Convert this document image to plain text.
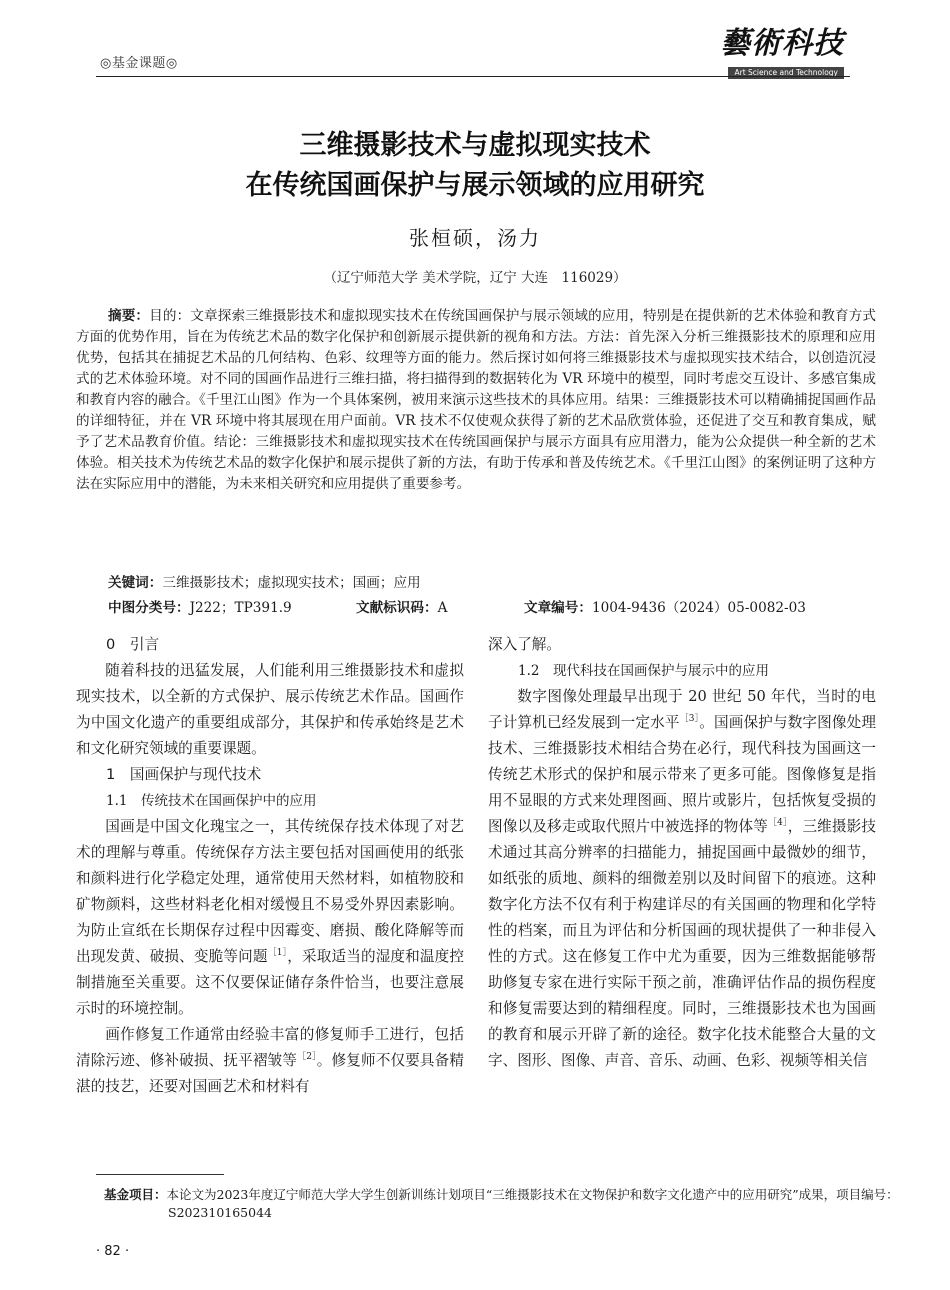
◎基金课题◎
藝術科技
Art Science and Technology
三维摄影技术与虚拟现实技术
在传统国画保护与展示领域的应用研究
张桓硕，汤力
（辽宁师范大学 美术学院，辽宁 大连　116029）
摘要：目的：文章探索三维摄影技术和虚拟现实技术在传统国画保护与展示领域的应用，特别是在提供新的艺术体验和教育方式方面的优势作用，旨在为传统艺术品的数字化保护和创新展示提供新的视角和方法。方法：首先深入分析三维摄影技术的原理和应用优势，包括其在捕捉艺术品的几何结构、色彩、纹理等方面的能力。然后探讨如何将三维摄影技术与虚拟现实技术结合，以创造沉浸式的艺术体验环境。对不同的国画作品进行三维扫描，将扫描得到的数据转化为 VR 环境中的模型，同时考虑交互设计、多感官集成和教育内容的融合。《千里江山图》作为一个具体案例，被用来演示这些技术的具体应用。结果：三维摄影技术可以精确捕捉国画作品的详细特征，并在 VR 环境中将其展现在用户面前。VR 技术不仅使观众获得了新的艺术品欣赏体验，还促进了交互和教育集成，赋予了艺术品教育价值。结论：三维摄影技术和虚拟现实技术在传统国画保护与展示方面具有应用潜力，能为公众提供一种全新的艺术体验。相关技术为传统艺术品的数字化保护和展示提供了新的方法，有助于传承和普及传统艺术。《千里江山图》的案例证明了这种方法在实际应用中的潜能，为未来相关研究和应用提供了重要参考。
关键词：三维摄影技术；虚拟现实技术；国画；应用
中图分类号：J222；TP391.9	文献标识码：A	文章编号：1004-9436（2024）05-0082-03

0　引言

随着科技的迅猛发展，人们能利用三维摄影技术和虚拟现实技术，以全新的方式保护、展示传统艺术作品。国画作为中国文化遗产的重要组成部分，其保护和传承始终是艺术和文化研究领域的重要课题。

1　国画保护与现代技术

1.1　传统技术在国画保护中的应用

国画是中国文化瑰宝之一，其传统保存技术体现了对艺术的理解与尊重。传统保存方法主要包括对国画使用的纸张和颜料进行化学稳定处理，通常使用天然材料，如植物胶和矿物颜料，这些材料老化相对缓慢且不易受外界因素影响。为防止宣纸在长期保存过程中因霉变、磨损、酸化降解等而出现发黄、破损、变脆等问题$^{[1]}$，采取适当的湿度和温度控制措施至关重要。这不仅要保证储存条件恰当，也要注意展示时的环境控制。

画作修复工作通常由经验丰富的修复师手工进行，包括清除污迹、修补破损、抚平褶皱等$^{[2]}$。修复师不仅要具备精湛的技艺，还要对国画艺术和材料有

深入了解。

1.2　现代科技在国画保护与展示中的应用

数字图像处理最早出现于 20 世纪 50 年代，当时的电子计算机已经发展到一定水平$^{[3]}$。国画保护与数字图像处理技术、三维摄影技术相结合势在必行，现代科技为国画这一传统艺术形式的保护和展示带来了更多可能。图像修复是指用不显眼的方式来处理图画、照片或影片，包括恢复受损的图像以及移走或取代照片中被选择的物体等$^{[4]}$，三维摄影技术通过其高分辨率的扫描能力，捕捉国画中最微妙的细节，如纸张的质地、颜料的细微差别以及时间留下的痕迹。这种数字化方法不仅有利于构建详尽的有关国画的物理和化学特性的档案，而且为评估和分析国画的现状提供了一种非侵入性的方式。这在修复工作中尤为重要，因为三维数据能够帮助修复专家在进行实际干预之前，准确评估作品的损伤程度和修复需要达到的精细程度。同时，三维摄影技术也为国画的教育和展示开辟了新的途径。数字化技术能整合大量的文字、图形、图像、声音、音乐、动画、色彩、视频等相关信

基金项目：本论文为2023年度辽宁师范大学大学生创新训练计划项目“三维摄影技术在文物保护和数字文化遗产中的应用研究”成果，项目编号：S202310165044
· 82 ·
